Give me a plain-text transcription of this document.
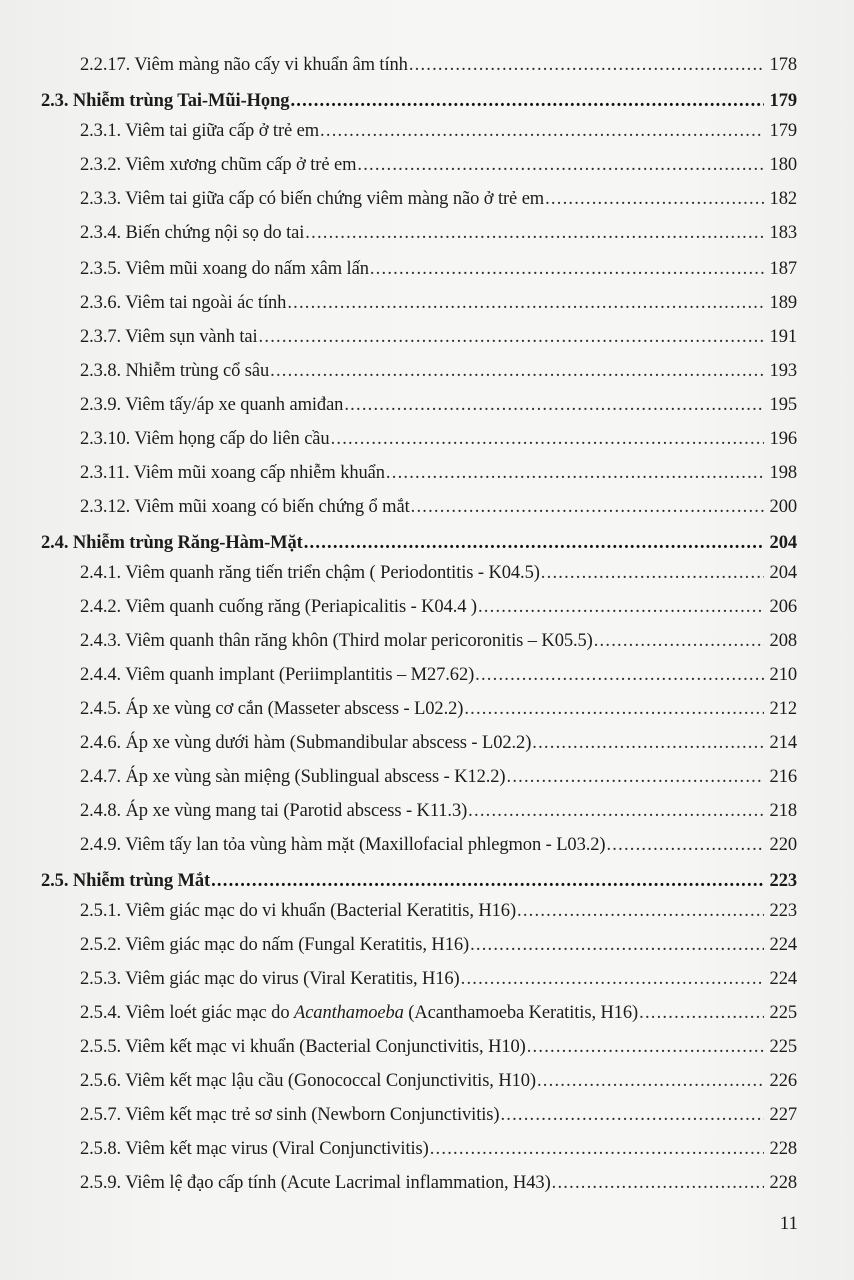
2.2.17. Viêm màng não cấy vi khuẩn âm tính .....	178
2.3. Nhiễm trùng Tai-Mũi-Họng .....	179
2.3.1. Viêm tai giữa cấp ở trẻ em .....	179
2.3.2. Viêm xương chũm cấp ở trẻ em .....	180
2.3.3. Viêm tai giữa cấp có biến chứng viêm màng não ở trẻ em .....	182
2.3.4. Biến chứng nội sọ do tai .....	183
2.3.5. Viêm mũi xoang do nấm xâm lấn .....	187
2.3.6. Viêm tai ngoài ác tính .....	189
2.3.7. Viêm sụn vành tai .....	191
2.3.8. Nhiễm trùng cổ sâu .....	193
2.3.9. Viêm tấy/áp xe quanh amiđan .....	195
2.3.10. Viêm họng cấp do liên cầu .....	196
2.3.11. Viêm mũi xoang cấp nhiễm khuẩn .....	198
2.3.12. Viêm mũi xoang có biến chứng ổ mắt .....	200
2.4. Nhiễm trùng Răng-Hàm-Mặt .....	204
2.4.1. Viêm quanh răng tiến triển chậm ( Periodontitis - K04.5) .....	204
2.4.2. Viêm quanh cuống răng (Periapicalitis - K04.4 ) .....	206
2.4.3. Viêm quanh thân răng khôn (Third molar pericoronitis – K05.5) .....	208
2.4.4. Viêm quanh implant (Periimplantitis – M27.62) .....	210
2.4.5. Áp xe vùng cơ cắn (Masseter abscess - L02.2) .....	212
2.4.6. Áp xe vùng dưới hàm (Submandibular abscess - L02.2) .....	214
2.4.7. Áp xe vùng sàn miệng (Sublingual abscess - K12.2) .....	216
2.4.8. Áp xe vùng mang tai (Parotid abscess - K11.3) .....	218
2.4.9. Viêm tấy lan tỏa vùng hàm mặt (Maxillofacial phlegmon - L03.2) .....	220
2.5. Nhiễm trùng Mắt .....	223
2.5.1. Viêm giác mạc do vi khuẩn (Bacterial Keratitis, H16) .....	223
2.5.2. Viêm giác mạc do nấm (Fungal Keratitis, H16) .....	224
2.5.3. Viêm giác mạc do virus (Viral Keratitis, H16) .....	224
2.5.4. Viêm loét giác mạc do Acanthamoeba (Acanthamoeba Keratitis, H16) .....	225
2.5.5. Viêm kết mạc vi khuẩn (Bacterial Conjunctivitis, H10) .....	225
2.5.6. Viêm kết mạc lậu cầu (Gonococcal Conjunctivitis, H10) .....	226
2.5.7. Viêm kết mạc trẻ sơ sinh (Newborn Conjunctivitis) .....	227
2.5.8. Viêm kết mạc virus (Viral Conjunctivitis) .....	228
2.5.9. Viêm lệ đạo cấp tính (Acute Lacrimal inflammation, H43) .....	228
11
